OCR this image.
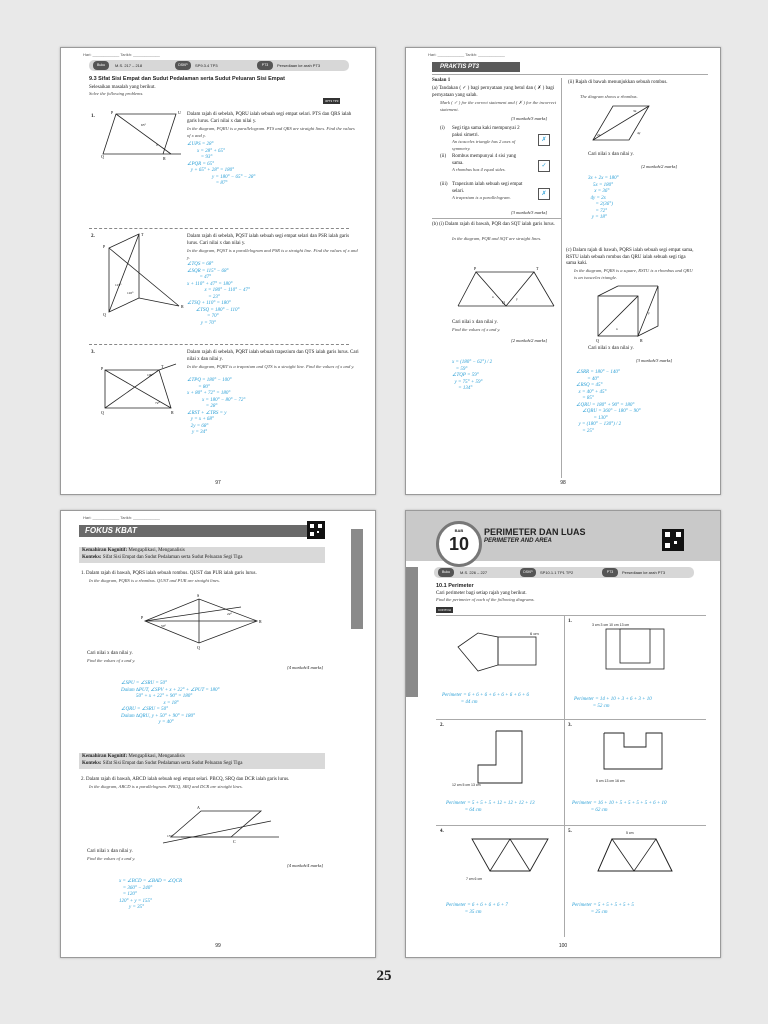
Hari: ____________ Tarikh: ____________
Buku Teks
M.S. 217 – 218	DSKP	SP9.3.4 TP3	PT3	Persediaan ke arah PT3
9.3 Sifat Sisi Empat dan Sudut Pedalaman serta Sudut Peluaran Sisi Empat
Selesaikan masalah yang berikut.
Solve the following problems.
3PT3 TP3
1.
P	U
Q	R
65°
x
Dalam rajah di sebelah, PQRU ialah sebuah segi empat selari. PTS dan QRS ialah garis lurus. Cari nilai x dan nilai y.
In the diagram, PQRU is a parallelogram. PTS and QRS are straight lines. Find the values of x and y.
∠UPS = 28°
x = 28° + 65°
= 93°
∠PQR = 65°
y + 65° + 28° = 180°
y = 180° − 65° − 28°
= 87°
2.
P
T
Q
R
115°
110°
Dalam rajah di sebelah, PQST ialah sebuah segi empat selari dan PSR ialah garis lurus. Cari nilai x dan nilai y.
In the diagram, PQST is a parallelogram and PSR is a straight line. Find the values of x and y.
∠TQS = 68°
∠SQR = 115° − 68°
= 47°
x + 110° + 47° = 180°
x = 180° − 110° − 47°
= 23°
∠TSQ + 110° = 180°
∠TSQ = 180° − 110°
= 70°
y = 70°
3.
P	T
Q	R
100°
72°
Dalam rajah di sebelah, PQRT ialah sebuah trapezium dan QTS ialah garis lurus. Cari nilai x dan nilai y.
In the diagram, PQRT is a trapezium and QTS is a straight line. Find the values of x and y.
∠TPQ = 180° − 100°
= 80°
x + 80° + 72° = 180°
x = 180° − 80° − 72°
= 28°
∠RST + ∠TRS = y
y = x + 68°
2y = 68°
y = 34°
97
Hari: ____________ Tarikh: ____________
PRAKTIS PT3
Soalan 1
(a) Tandakan ( ✓ ) bagi pernyataan yang betul dan ( ✗ ) bagi pernyataan yang salah.
Mark ( ✓ ) for the correct statement and ( ✗ ) for the incorrect statement.
[3 markah/3 marks]
(i) Segi tiga sama kaki mempunyai 2 paksi simetri.
An isosceles triangle has 2 axes of symmetry.
✗
(ii) Rombus mempunyai 4 sisi yang sama.
A rhombus has 4 equal sides.
✓
(iii) Trapezium ialah sebuah segi empat selari.
A trapezium is a parallelogram.
✗
[3 markah/3 marks]
(b) (i) Dalam rajah di bawah, PQR dan SQT ialah garis lurus.
In the diagram, PQR and SQT are straight lines.
P
Q
T
y
x
Cari nilai x dan nilai y.
Find the values of x and y.
[2 markah/2 marks]
x = (180° − 62°) / 2
= 59°
∠TQP = 59°
y = 75° + 59°
= 134°
(ii) Rajah di bawah menunjukkan sebuah rombus.
The diagram shows a rhombus.
2x
3x
4y
Cari nilai x dan nilai y.
[2 markah/2 marks]
3x + 2x = 180°
5x = 180°
x = 36°
4y = 2x
= 2(36°)
= 72°
y = 18°
(c) Dalam rajah di bawah, PQRS ialah sebuah segi empat sama, RSTU ialah sebuah rombus dan QRU ialah sebuah segi tiga sama kaki.
In the diagram, PQRS is a square, RSTU is a rhombus and QRU is an isosceles triangle.
Q	R
x
y
Cari nilai x dan nilai y.
[3 markah/3 marks]
∠SRR = 180° − 140°
= 40°
∠RSQ = 45°
x = 40° + 45°
= 85°
∠QRU = 180° + 90° = 180°
∠QRU = 360° − 180° − 90°
= 130°
y = (180° − 130°) / 2
= 25°
98
Hari: ____________ Tarikh: ____________
FOKUS KBAT
Kemahiran Kognitif: Mengaplikasi, Menganalisis
Konteks: Sifat Sisi Empat dan Sudut Pedalaman serta Sudut Peluaran Segi Tiga
1. Dalam rajah di bawah, PQRS ialah sebuah rombus. QUST dan PUR ialah garis lurus.
In the diagram, PQRS is a rhombus. QUST and PUR are straight lines.
P
S
R
Q
22°
50°
Cari nilai x dan nilai y.
Find the values of x and y.
[4 markah/4 marks]
∠SPU = ∠SRU = 50°
Dalam ∆PUT, ∠SPV + x + 22° + ∠PUT = 180°
50° + x + 22° + 90° = 180°
x = 18°
∠QRU = ∠SRU = 50°
Dalam ∆QRU, y + 50° + 90° = 180°
y = 40°
Kemahiran Kognitif: Mengaplikasi, Menganalisis
Konteks: Sifat Sisi Empat dan Sudut Pedalaman serta Sudut Peluaran Segi Tiga
2. Dalam rajah di bawah, ABCD ialah sebuah segi empat selari. PBCQ, SRQ dan DCR ialah garis lurus.
In the diagram, ABCD is a parallelogram. PBCQ, SRQ and DCR are straight lines.
155°
A
C
Cari nilai x dan nilai y.
Find the values of x and y.
[4 markah/4 marks]
x = ∠BCD = ∠BAD = ∠QCR
= 360° − 240°
= 120°
120° + y = 155°
y = 35°
99
BAB
10
PERIMETER DAN LUAS
PERIMETER AND AREA
Buku Teks
M.S. 226 – 227	DSKP	SP10.1.1 TP1 TP2	PT3	Persediaan ke arah PT3
10.1 Perimeter
Cari perimeter bagi setiap rajah yang berikut.
Find the perimeter of each of the following diagrams.
CONTOH
6 cm
Perimeter = 6 + 6 + 6 + 6 + 6 + 6 + 6 + 6
= 44 cm
1.
3 cm 3 cm 10 cm 13 cm
Perimeter = 14 + 10 + 3 + 6 + 3 + 10
= 52 cm
2.
12 cm 5 cm 13 cm
Perimeter = 5 + 5 + 5 + 12 + 12 + 12 + 13
= 64 cm
3.
5 cm 13 cm 16 cm
Perimeter = 16 + 10 + 5 + 5 + 5 + 5 + 6 + 10
= 62 cm
4.
7 cm 6 cm
Perimeter = 6 + 6 + 6 + 6 + 7
= 35 cm
5.	5 cm
Perimeter = 5 + 5 + 5 + 5 + 5
= 25 cm
100
25
